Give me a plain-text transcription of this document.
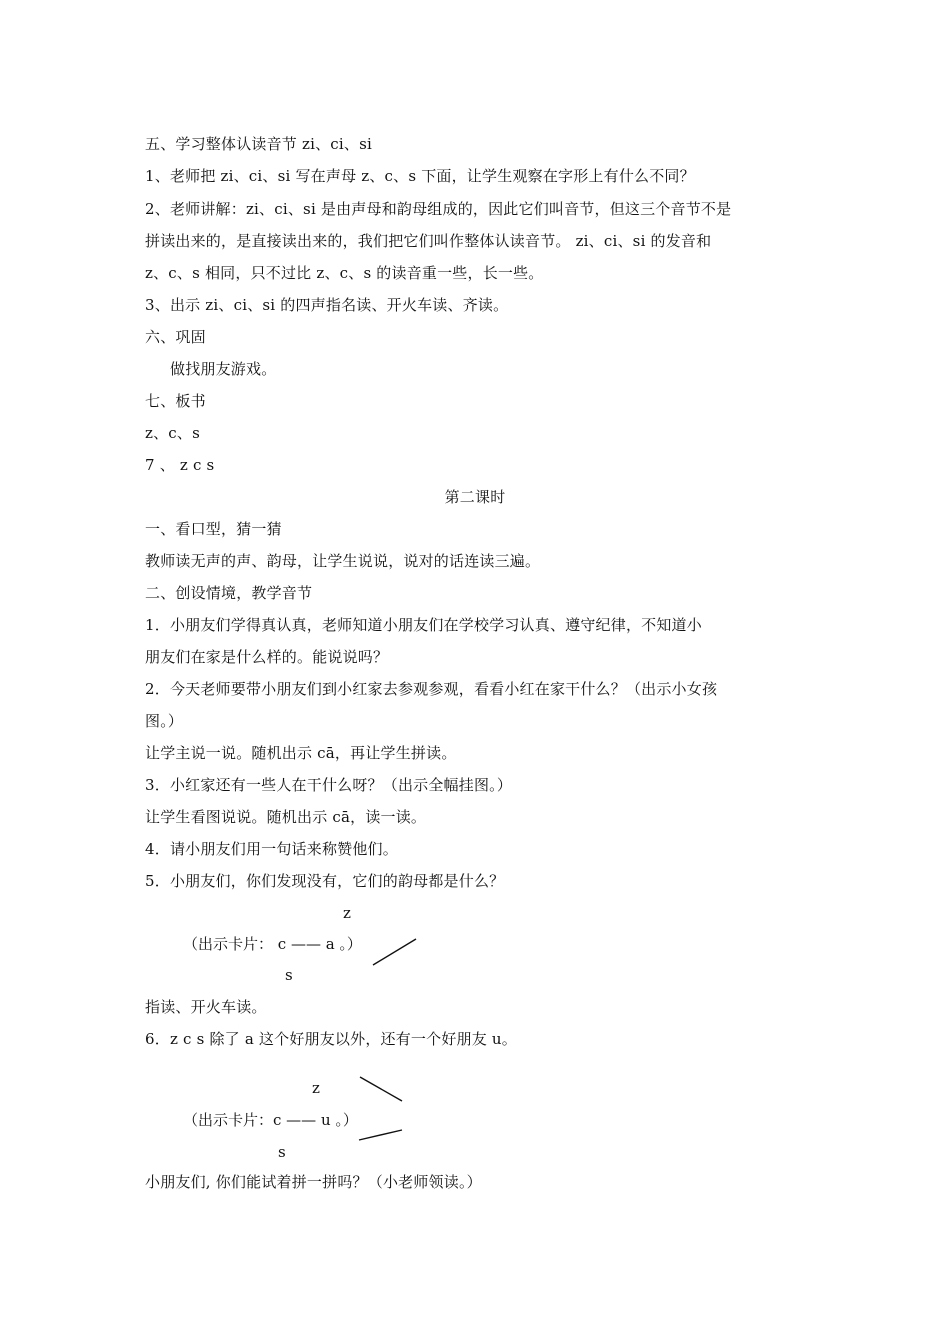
五、学习整体认读音节 zi、ci、si
1、老师把 zi、ci、si 写在声母 z、c、s 下面，让学生观察在字形上有什么不同？
2、老师讲解：zi、ci、si 是由声母和韵母组成的，因此它们叫音节，但这三个音节不是
拼读出来的，是直接读出来的，我们把它们叫作整体认读音节。 zi、ci、si 的发音和
z、c、s 相同，只不过比 z、c、s 的读音重一些，长一些。
3、出示 zi、ci、si 的四声指名读、开火车读、齐读。
六、巩固
做找朋友游戏。
七、板书
z、c、s
7 、 z c s
第二课时
一、看口型，猜一猜
教师读无声的声、韵母，让学生说说，说对的话连读三遍。
二、创设情境，教学音节
1．小朋友们学得真认真，老师知道小朋友们在学校学习认真、遵守纪律，不知道小
朋友们在家是什么样的。能说说吗？
2．今天老师要带小朋友们到小红家去参观参观，看看小红在家干什么？（出示小女孩
图。）
让学主说一说。随机出示 cā，再让学生拼读。
3．小红家还有一些人在干什么呀？（出示全幅挂图。）
让学生看图说说。随机出示 cā，读一读。
4．请小朋友们用一句话来称赞他们。
5．小朋友们，你们发现没有，它们的韵母都是什么？
z
（出示卡片： c —— a 。）
s
指读、开火车读。
6．z c s 除了 a 这个好朋友以外，还有一个好朋友 u。
z
（出示卡片：c —— u 。）
s
小朋友们, 你们能试着拼一拼吗？（小老师领读。）
